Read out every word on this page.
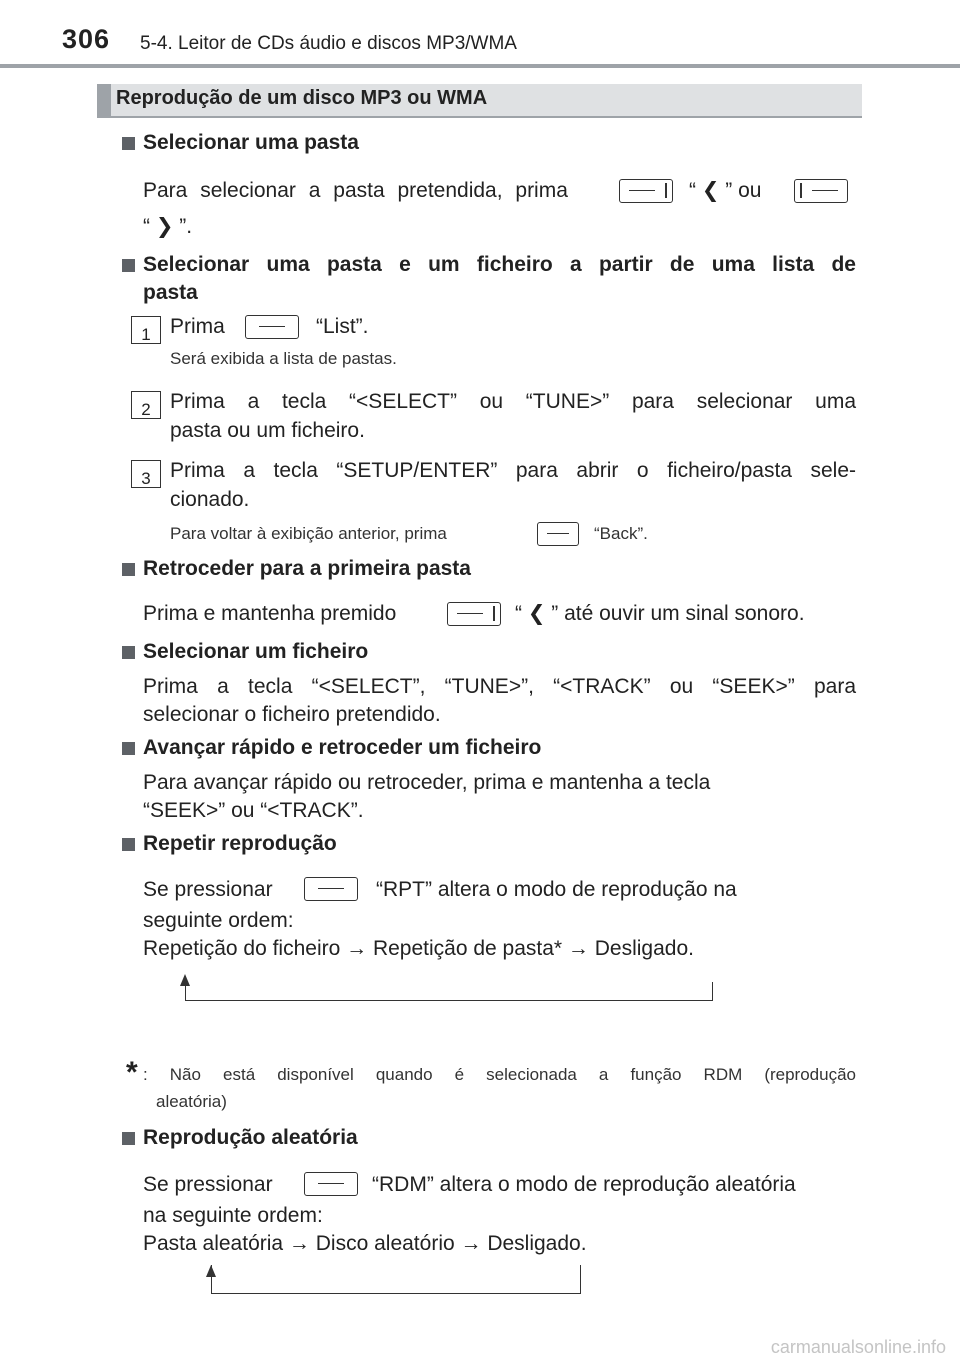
306 5-4. Leitor de CDs áudio e discos MP3/WMA
Reprodução de um disco MP3 ou WMA
Selecionar uma pasta
Para selecionar a pasta pretendida, prima	“ ❮ ” ou
“ ❯ ”.
Selecionar uma pasta e um ficheiro a partir de uma lista de
pasta
1 Prima	“List”.
Será exibida a lista de pastas.
2 Prima a tecla “<SELECT” ou “TUNE>” para selecionar uma
pasta ou um ficheiro.
3 Prima a tecla “SETUP/ENTER” para abrir o ficheiro/pasta sele-
cionado.
Para voltar à exibição anterior, prima	“Back”.
Retroceder para a primeira pasta
Prima e mantenha premido	“ ❮ ” até ouvir um sinal sonoro.
Selecionar um ficheiro
Prima a tecla “<SELECT”, “TUNE>”, “<TRACK” ou “SEEK>” para
selecionar o ficheiro pretendido.
Avançar rápido e retroceder um ficheiro
Para avançar rápido ou retroceder, prima e mantenha a tecla
“SEEK>” ou “<TRACK”.
Repetir reprodução
Se pressionar	“RPT” altera o modo de reprodução na
seguinte ordem:
Repetição do ficheiro → Repetição de pasta* → Desligado.
* : Não está disponível quando é selecionada a função RDM (reprodução
aleatória)
Reprodução aleatória
Se pressionar	“RDM” altera o modo de reprodução aleatória
na seguinte ordem:
Pasta aleatória → Disco aleatório → Desligado.
carmanualsonline.info
